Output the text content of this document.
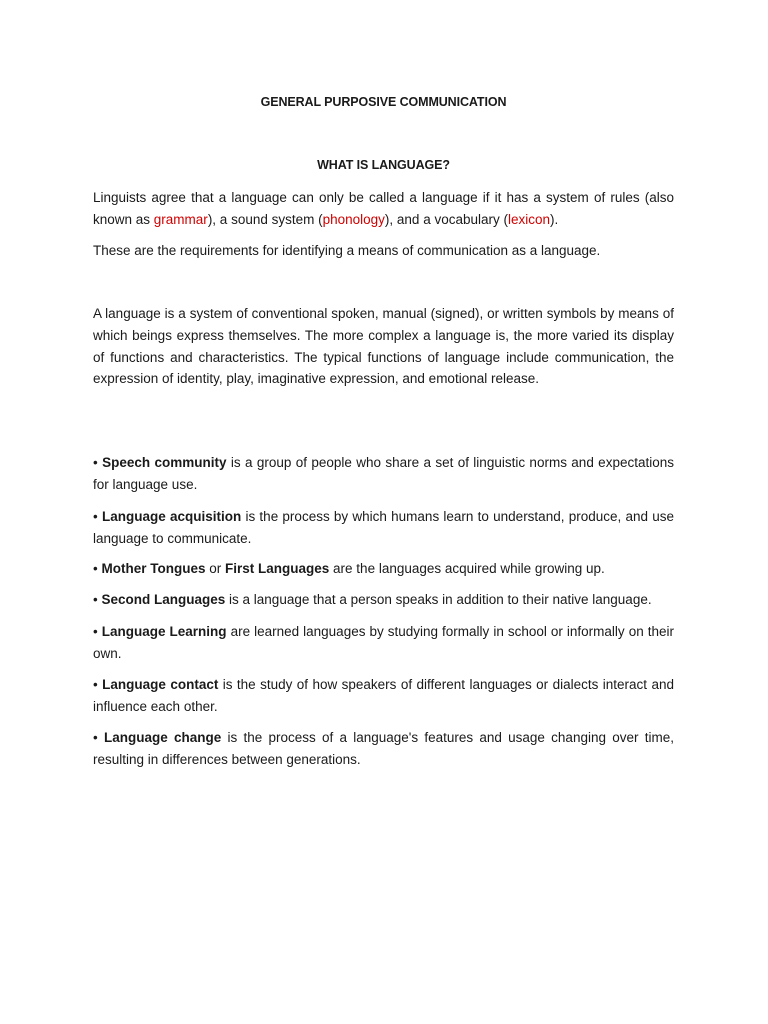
GENERAL PURPOSIVE COMMUNICATION
WHAT IS LANGUAGE?

Linguists agree that a language can only be called a language if it has a system of rules (also known as grammar), a sound system (phonology), and a vocabulary (lexicon).

These are the requirements for identifying a means of communication as a language.

A language is a system of conventional spoken, manual (signed), or written symbols by means of which beings express themselves. The more complex a language is, the more varied its display of functions and characteristics. The typical functions of language include communication, the expression of identity, play, imaginative expression, and emotional release.

• Speech community is a group of people who share a set of linguistic norms and expectations for language use.

• Language acquisition is the process by which humans learn to understand, produce, and use language to communicate.

• Mother Tongues or First Languages are the languages acquired while growing up.

• Second Languages is a language that a person speaks in addition to their native language.

• Language Learning are learned languages by studying formally in school or informally on their own.

• Language contact is the study of how speakers of different languages or dialects interact and influence each other.

• Language change is the process of a language's features and usage changing over time, resulting in differences between generations.
